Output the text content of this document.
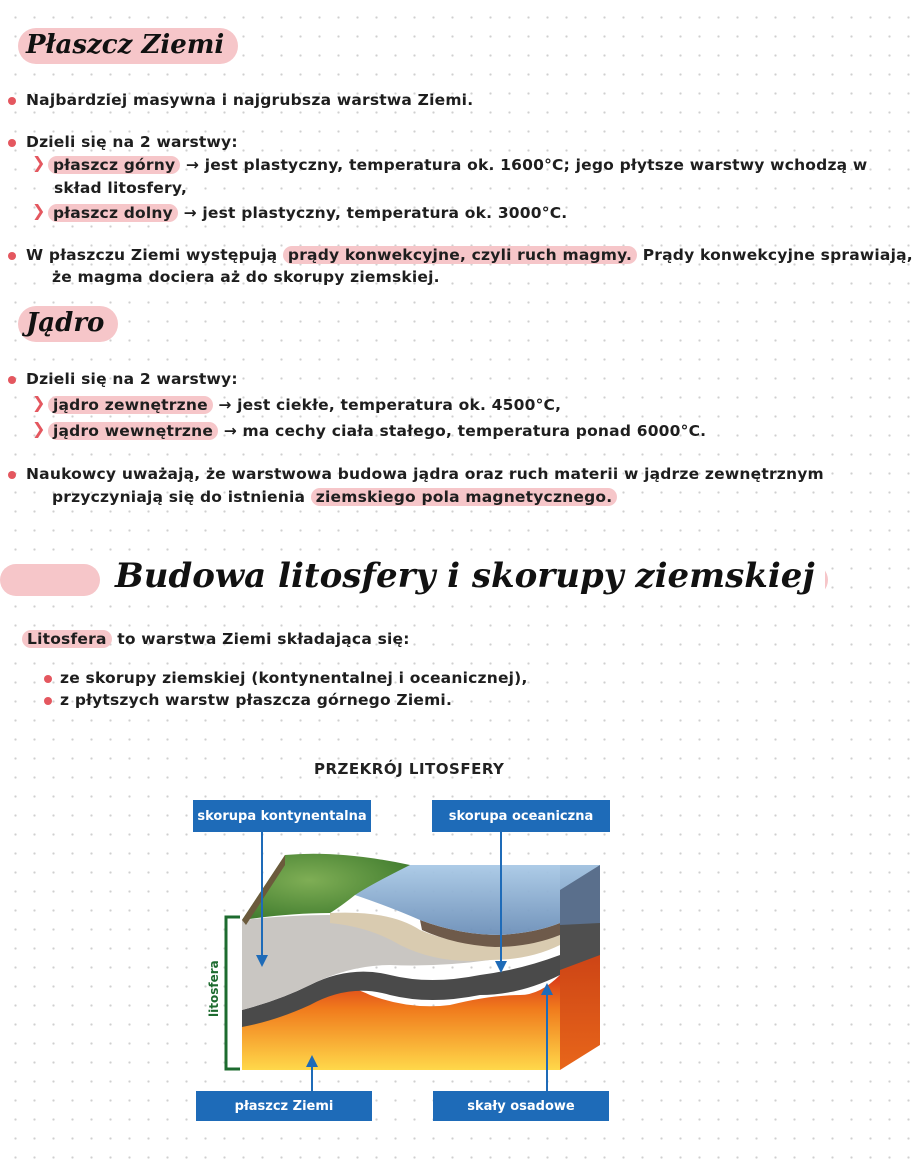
Płaszcz Ziemi
Najbardziej masywna i najgrubsza warstwa Ziemi.
Dzieli się na 2 warstwy:
❯ płaszcz górny → jest plastyczny, temperatura ok. 1600°C; jego płytsze warstwy wchodzą w
skład litosfery,
❯ płaszcz dolny → jest plastyczny, temperatura ok. 3000°C.
W płaszczu Ziemi występują prądy konwekcyjne, czyli ruch magmy. Prądy konwekcyjne sprawiają,
że magma dociera aż do skorupy ziemskiej.
Jądro
Dzieli się na 2 warstwy:
❯ jądro zewnętrzne → jest ciekłe, temperatura ok. 4500°C,
❯ jądro wewnętrzne → ma cechy ciała stałego, temperatura ponad 6000°C.
Naukowcy uważają, że warstwowa budowa jądra oraz ruch materii w jądrze zewnętrznym
przyczyniają się do istnienia ziemskiego pola magnetycznego.
Budowa litosfery i skorupy ziemskiej
Litosfera to warstwa Ziemi składająca się:
ze skorupy ziemskiej (kontynentalnej i oceanicznej),
z płytszych warstw płaszcza górnego Ziemi.
PRZEKRÓJ LITOSFERY
litosfera
skorupa kontynentalna	skorupa oceaniczna
płaszcz Ziemi	skały osadowe
